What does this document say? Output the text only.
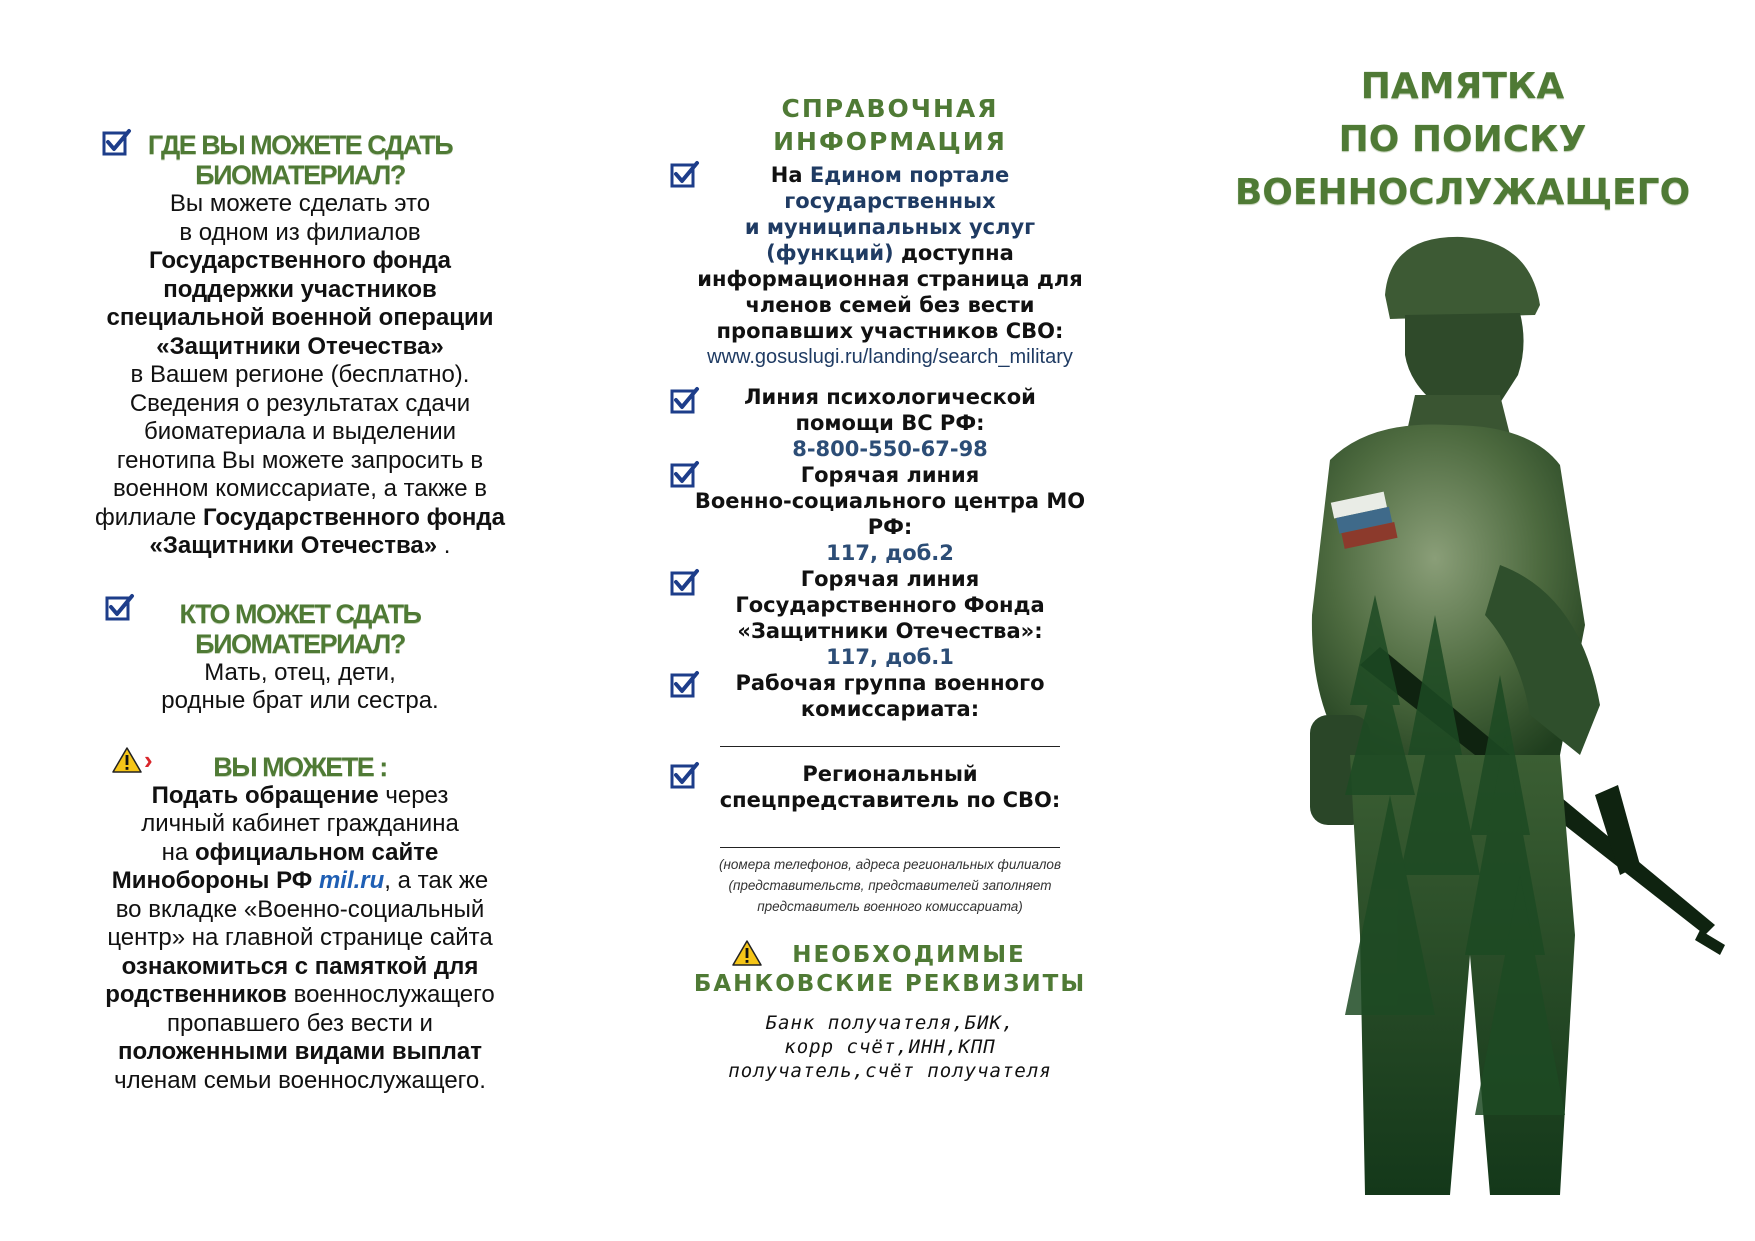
ГДЕ ВЫ МОЖЕТЕ СДАТЬ
БИОМАТЕРИАЛ?
Вы можете сделать это
в одном из филиалов
Государственного фонда
поддержки участников
специальной военной операции
«Защитники Отечества»
в Вашем регионе (бесплатно).
Сведения о результатах сдачи
биоматериала и выделении
генотипа Вы можете запросить в
военном комиссариате, а также в
филиале Государственного фонда
«Защитники Отечества» .
КТО МОЖЕТ СДАТЬ
БИОМАТЕРИАЛ?
Мать, отец, дети,
родные брат или сестра.
›	ВЫ МОЖЕТЕ :
Подать обращение через
личный кабинет гражданина
на официальном сайте
Минобороны РФ mil.ru, а так же
во вкладке «Военно-социальный
центр» на главной странице сайта
ознакомиться с памяткой для
родственников военнослужащего
пропавшего без вести и
положенными видами выплат
членам семьи военнослужащего.
СПРАВОЧНАЯ
ИНФОРМАЦИЯ
На Едином портале
государственных
и муниципальных услуг
(функций) доступна
информационная страница для
членов семей без вести
пропавших участников СВО:
www.gosuslugi.ru/landing/search_military
Линия психологической
помощи ВС РФ:
8-800-550-67-98
Горячая линия
Военно-социального центра МО РФ:
117, доб.2
Горячая линия
Государственного Фонда
«Защитники Отечества»:
117, доб.1
Рабочая группа военного
комиссариата:
Региональный
спецпредставитель по СВО:
(номера телефонов, адреса региональных филиалов
(представительств, представителей заполняет
представитель военного комиссариата)
НЕОБХОДИМЫЕ
БАНКОВСКИЕ РЕКВИЗИТЫ
Банк получателя,БИК,
корр счёт,ИНН,КПП
получатель,счёт получателя
ПАМЯТКА
ПО ПОИСКУ
ВОЕННОСЛУЖАЩЕГО
